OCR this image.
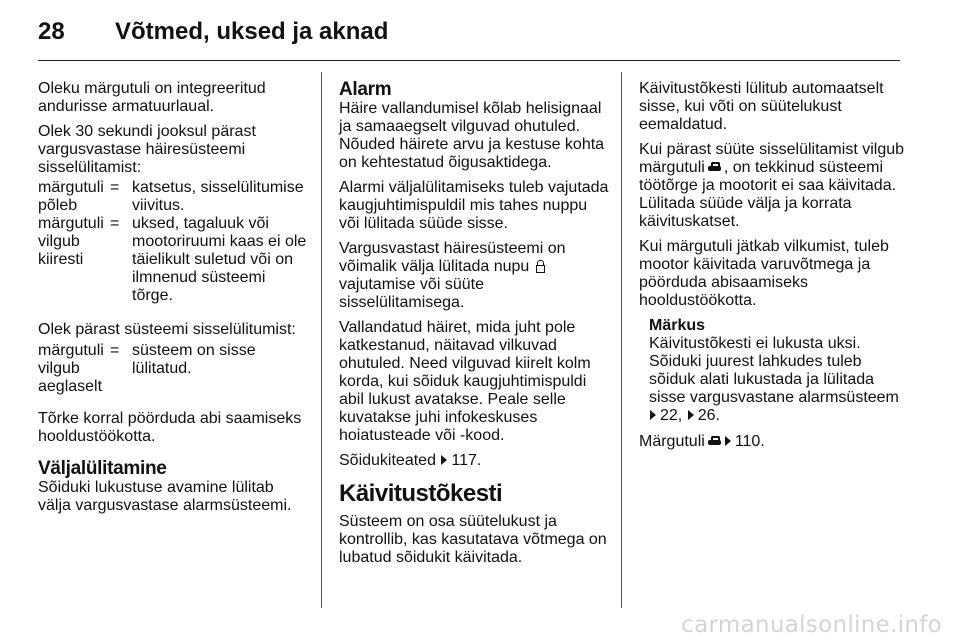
28 Võtmed, uksed ja aknad

Oleku märgutuli on integreeritud andurisse armatuurlaual.

Olek 30 sekundi jooksul pärast vargusvastase häiresüsteemi sisselülitamist:

märgutuli põleb
= katsetus, sisselülitumise viivitus.
märgutuli vilgub kiiresti
= uksed, tagaluuk või mootoriruumi kaas ei ole täielikult suletud või on ilmnenud süsteemi tõrge.

Olek pärast süsteemi sisselülitumist:

märgutuli vilgub aeglaselt
= süsteem on sisse lülitatud.

Tõrke korral pöörduda abi saamiseks hooldustöökotta.

Väljalülitamine

Sõiduki lukustuse avamine lülitab välja vargusvastase alarmsüsteemi.

Alarm

Häire vallandumisel kõlab helisignaal ja samaaegselt vilguvad ohutuled. Nõuded häirete arvu ja kestuse kohta on kehtestatud õigusaktidega.

Alarmi väljalülitamiseks tuleb vajutada kaugjuhtimispuldil mis tahes nuppu või lülitada süüde sisse.

Vargusvastast häiresüsteemi on võimalik välja lülitada nupu  vajutamise või süüte sisselülitamisega.

Vallandatud häiret, mida juht pole katkestanud, näitavad vilkuvad ohutuled. Need vilguvad kiirelt kolm korda, kui sõiduk kaugjuhtimispuldi abil lukust avatakse. Peale selle kuvatakse juhi infokeskuses hoiatusteade või -kood.

Sõidukiteated 117.

Käivitustõkesti

Süsteem on osa süütelukust ja kontrollib, kas kasutatava võtmega on lubatud sõidukit käivitada.

Käivitustõkesti lülitub automaatselt sisse, kui võti on süütelukust eemaldatud.

Kui pärast süüte sisselülitamist vilgub märgutuli , on tekkinud süsteemi töötõrge ja mootorit ei saa käivitada. Lülitada süüde välja ja korrata käivituskatset.

Kui märgutuli jätkab vilkumist, tuleb mootor käivitada varuvõtmega ja pöörduda abisaamiseks hooldustöökotta.

Märkus
Käivitustõkesti ei lukusta uksi. Sõiduki juurest lahkudes tuleb sõiduk alati lukustada ja lülitada sisse vargusvastane alarmsüsteem 22, 26.

Märgutuli 110.

carmanualsonline.info
